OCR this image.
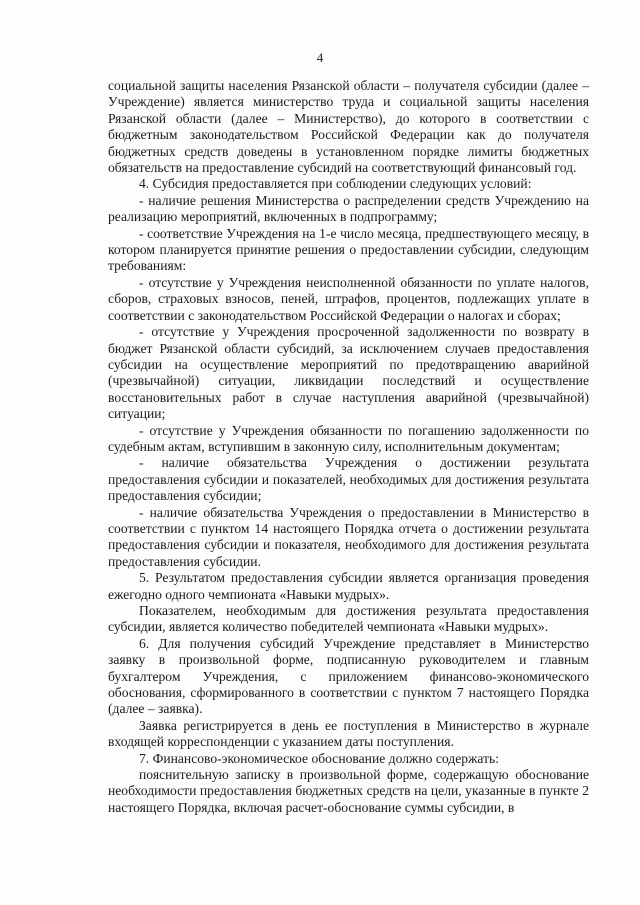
4

социальной защиты населения Рязанской области – получателя субсидии (далее – Учреждение) является министерство труда и социальной защиты населения Рязанской области (далее – Министерство), до которого в соответствии с бюджетным законодательством Российской Федерации как до получателя бюджетных средств доведены в установленном порядке лимиты бюджетных обязательств на предоставление субсидий на соответствующий финансовый год.

4. Субсидия предоставляется при соблюдении следующих условий:

- наличие решения Министерства о распределении средств Учреждению на реализацию мероприятий, включенных в подпрограмму;

- соответствие Учреждения на 1-е число месяца, предшествующего месяцу, в котором планируется принятие решения о предоставлении субсидии, следующим требованиям:

- отсутствие у Учреждения неисполненной обязанности по уплате налогов, сборов, страховых взносов, пеней, штрафов, процентов, подлежащих уплате в соответствии с законодательством Российской Федерации о налогах и сборах;

- отсутствие у Учреждения просроченной задолженности по возврату в бюджет Рязанской области субсидий, за исключением случаев предоставления субсидии на осуществление мероприятий по предотвращению аварийной (чрезвычайной) ситуации, ликвидации последствий и осуществление восстановительных работ в случае наступления аварийной (чрезвычайной) ситуации;

- отсутствие у Учреждения обязанности по погашению задолженности по судебным актам, вступившим в законную силу, исполнительным документам;

- наличие обязательства Учреждения о достижении результата предоставления субсидии и показателей, необходимых для достижения результата предоставления субсидии;

- наличие обязательства Учреждения о предоставлении в Министерство в соответствии с пунктом 14 настоящего Порядка отчета о достижении результата предоставления субсидии и показателя, необходимого для достижения результата предоставления субсидии.

5. Результатом предоставления субсидии является организация проведения ежегодно одного чемпионата «Навыки мудрых».

Показателем, необходимым для достижения результата предоставления субсидии, является количество победителей чемпионата «Навыки мудрых».

6. Для получения субсидий Учреждение представляет в Министерство заявку в произвольной форме, подписанную руководителем и главным бухгалтером Учреждения, с приложением финансово-экономического обоснования, сформированного в соответствии с пунктом 7 настоящего Порядка (далее – заявка).

Заявка регистрируется в день ее поступления в Министерство в журнале входящей корреспонденции с указанием даты поступления.

7. Финансово-экономическое обоснование должно содержать:

пояснительную записку в произвольной форме, содержащую обоснование необходимости предоставления бюджетных средств на цели, указанные в пункте 2 настоящего Порядка, включая расчет-обоснование суммы субсидии, в
